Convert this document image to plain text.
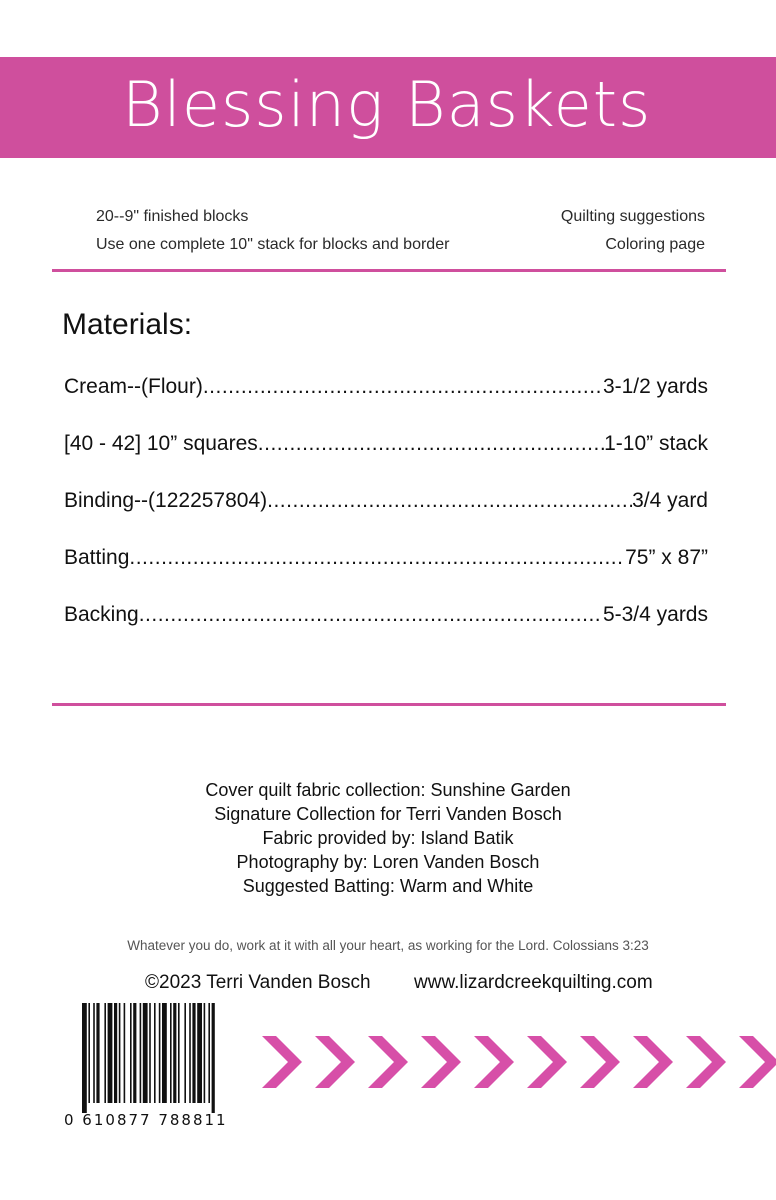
Blessing Baskets
20--9" finished blocks
Use one complete 10" stack for blocks and border
Quilting suggestions
Coloring page
Materials:
Cream--(Flour) .....	3-1/2 yards
[40 - 42] 10” squares .....	1-10” stack
Binding--(122257804) .....	3/4 yard
Batting .....	75” x 87”
Backing .....	5-3/4 yards
Cover quilt fabric collection: Sunshine Garden
Signature Collection for Terri Vanden Bosch
Fabric provided by: Island Batik
Photography by: Loren Vanden Bosch
Suggested Batting: Warm and White
Whatever you do, work at it with all your heart, as working for the Lord. Colossians 3:23
©2023 Terri Vanden Bosch www.lizardcreekquilting.com
0 610877 788811
